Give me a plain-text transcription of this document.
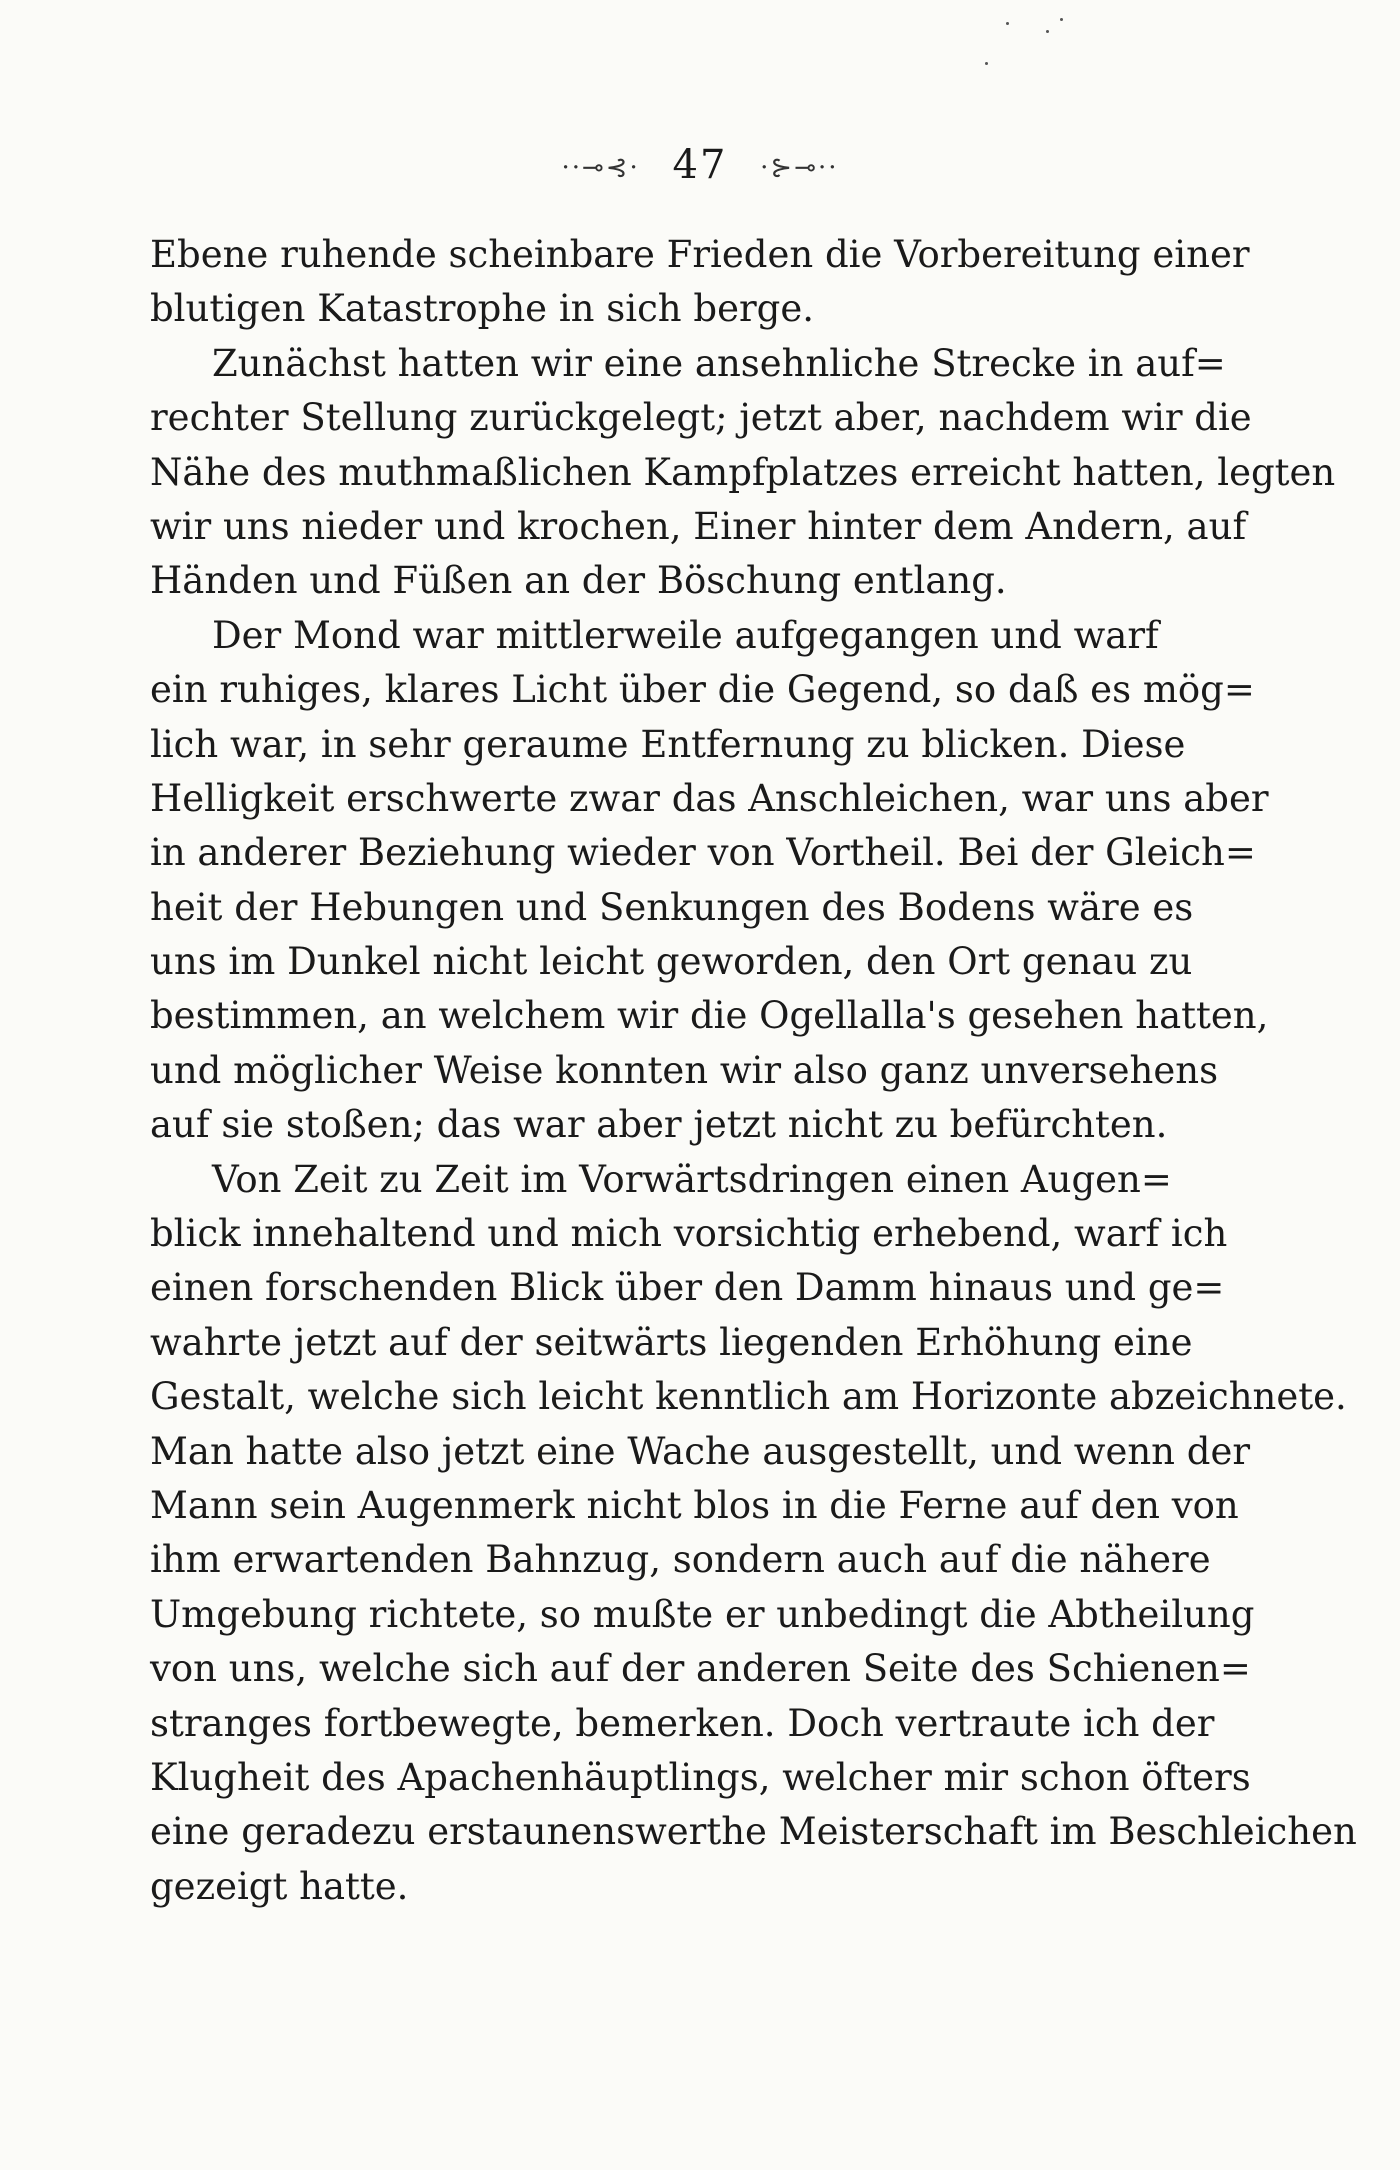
··⊸⊰· 47 ·⊱⊸··
Ebene ruhende scheinbare Frieden die Vorbereitung einer
blutigen Katastrophe in sich berge.
Zunächst hatten wir eine ansehnliche Strecke in auf=
rechter Stellung zurückgelegt; jetzt aber, nachdem wir die
Nähe des muthmaßlichen Kampfplatzes erreicht hatten, legten
wir uns nieder und krochen, Einer hinter dem Andern, auf
Händen und Füßen an der Böschung entlang.
Der Mond war mittlerweile aufgegangen und warf
ein ruhiges, klares Licht über die Gegend, so daß es mög=
lich war, in sehr geraume Entfernung zu blicken. Diese
Helligkeit erschwerte zwar das Anschleichen, war uns aber
in anderer Beziehung wieder von Vortheil. Bei der Gleich=
heit der Hebungen und Senkungen des Bodens wäre es
uns im Dunkel nicht leicht geworden, den Ort genau zu
bestimmen, an welchem wir die Ogellalla's gesehen hatten,
und möglicher Weise konnten wir also ganz unversehens
auf sie stoßen; das war aber jetzt nicht zu befürchten.
Von Zeit zu Zeit im Vorwärtsdringen einen Augen=
blick innehaltend und mich vorsichtig erhebend, warf ich
einen forschenden Blick über den Damm hinaus und ge=
wahrte jetzt auf der seitwärts liegenden Erhöhung eine
Gestalt, welche sich leicht kenntlich am Horizonte abzeichnete.
Man hatte also jetzt eine Wache ausgestellt, und wenn der
Mann sein Augenmerk nicht blos in die Ferne auf den von
ihm erwartenden Bahnzug, sondern auch auf die nähere
Umgebung richtete, so mußte er unbedingt die Abtheilung
von uns, welche sich auf der anderen Seite des Schienen=
stranges fortbewegte, bemerken. Doch vertraute ich der
Klugheit des Apachenhäuptlings, welcher mir schon öfters
eine geradezu erstaunenswerthe Meisterschaft im Beschleichen
gezeigt hatte.
